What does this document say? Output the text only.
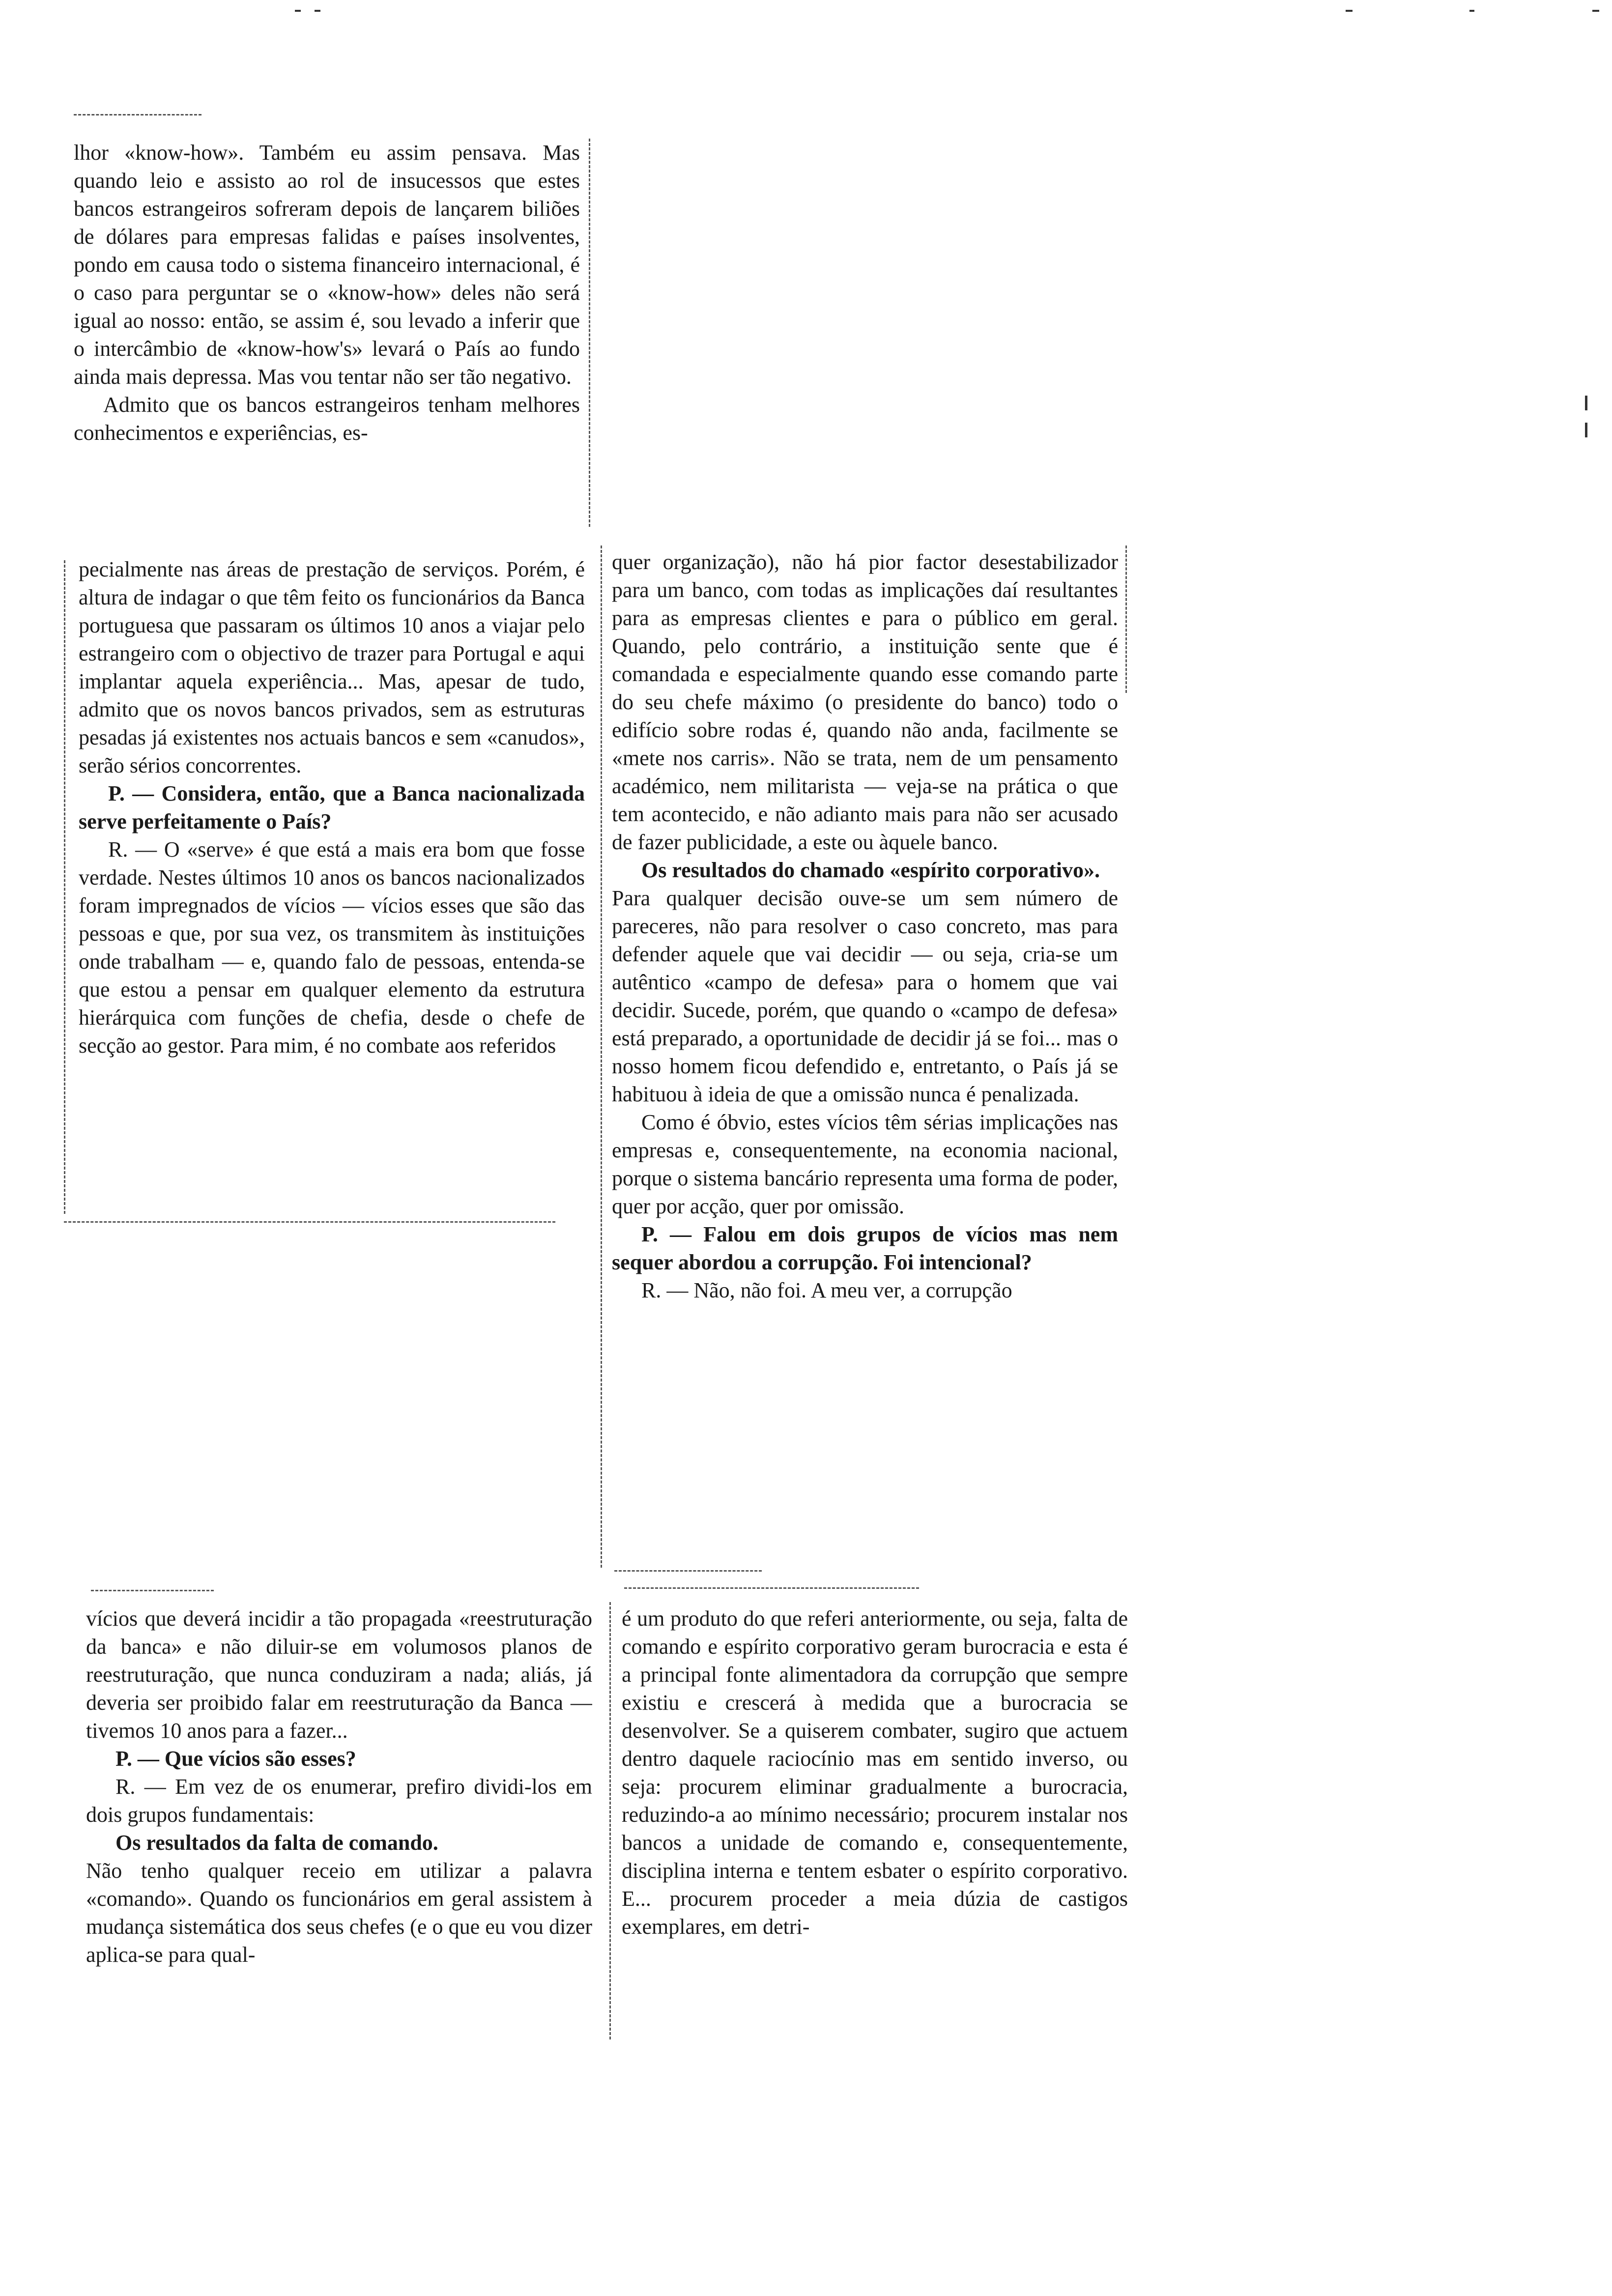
lhor «know-how». Também eu assim pensava. Mas quando leio e assisto ao rol de insucessos que estes bancos estrangeiros sofreram depois de lançarem biliões de dólares para empresas falidas e países insolventes, pondo em causa todo o sistema financeiro internacional, é o caso para perguntar se o «know-how» deles não será igual ao nosso: então, se assim é, sou levado a inferir que o intercâmbio de «know-how's» levará o País ao fundo ainda mais depressa. Mas vou tentar não ser tão negativo.

Admito que os bancos estrangeiros tenham melhores conhecimentos e experiências, es-

pecialmente nas áreas de prestação de serviços. Porém, é altura de indagar o que têm feito os funcionários da Banca portuguesa que passaram os últimos 10 anos a viajar pelo estrangeiro com o objectivo de trazer para Portugal e aqui implantar aquela experiência... Mas, apesar de tudo, admito que os novos bancos privados, sem as estruturas pesadas já existentes nos actuais bancos e sem «canudos», serão sérios concorrentes.

P. — Considera, então, que a Banca nacionalizada serve perfeitamente o País?

R. — O «serve» é que está a mais era bom que fosse verdade. Nestes últimos 10 anos os bancos nacionalizados foram impregnados de vícios — vícios esses que são das pessoas e que, por sua vez, os transmitem às instituições onde trabalham — e, quando falo de pessoas, entenda-se que estou a pensar em qualquer elemento da estrutura hierárquica com funções de chefia, desde o chefe de secção ao gestor. Para mim, é no combate aos referidos

quer organização), não há pior factor desestabilizador para um banco, com todas as implicações daí resultantes para as empresas clientes e para o público em geral. Quando, pelo contrário, a instituição sente que é comandada e especialmente quando esse comando parte do seu chefe máximo (o presidente do banco) todo o edifício sobre rodas é, quando não anda, facilmente se «mete nos carris». Não se trata, nem de um pensamento académico, nem militarista — veja-se na prática o que tem acontecido, e não adianto mais para não ser acusado de fazer publicidade, a este ou àquele banco.

Os resultados do chamado «espírito corporativo».

Para qualquer decisão ouve-se um sem número de pareceres, não para resolver o caso concreto, mas para defender aquele que vai decidir — ou seja, cria-se um autêntico «campo de defesa» para o homem que vai decidir. Sucede, porém, que quando o «campo de defesa» está preparado, a oportunidade de decidir já se foi... mas o nosso homem ficou defendido e, entretanto, o País já se habituou à ideia de que a omissão nunca é penalizada.

Como é óbvio, estes vícios têm sérias implicações nas empresas e, consequentemente, na economia nacional, porque o sistema bancário representa uma forma de poder, quer por acção, quer por omissão.

P. — Falou em dois grupos de vícios mas nem sequer abordou a corrupção. Foi intencional?

R. — Não, não foi. A meu ver, a corrupção

vícios que deverá incidir a tão propagada «reestruturação da banca» e não diluir-se em volumosos planos de reestruturação, que nunca conduziram a nada; aliás, já deveria ser proibido falar em reestruturação da Banca — tivemos 10 anos para a fazer...

P. — Que vícios são esses?

R. — Em vez de os enumerar, prefiro dividi-los em dois grupos fundamentais:

Os resultados da falta de comando.

Não tenho qualquer receio em utilizar a palavra «comando». Quando os funcionários em geral assistem à mudança sistemática dos seus chefes (e o que eu vou dizer aplica-se para qual-

é um produto do que referi anteriormente, ou seja, falta de comando e espírito corporativo geram burocracia e esta é a principal fonte alimentadora da corrupção que sempre existiu e crescerá à medida que a burocracia se desenvolver. Se a quiserem combater, sugiro que actuem dentro daquele raciocínio mas em sentido inverso, ou seja: procurem eliminar gradualmente a burocracia, reduzindo-a ao mínimo necessário; procurem instalar nos bancos a unidade de comando e, consequentemente, disciplina interna e tentem esbater o espírito corporativo. E... procurem proceder a meia dúzia de castigos exemplares, em detri-
